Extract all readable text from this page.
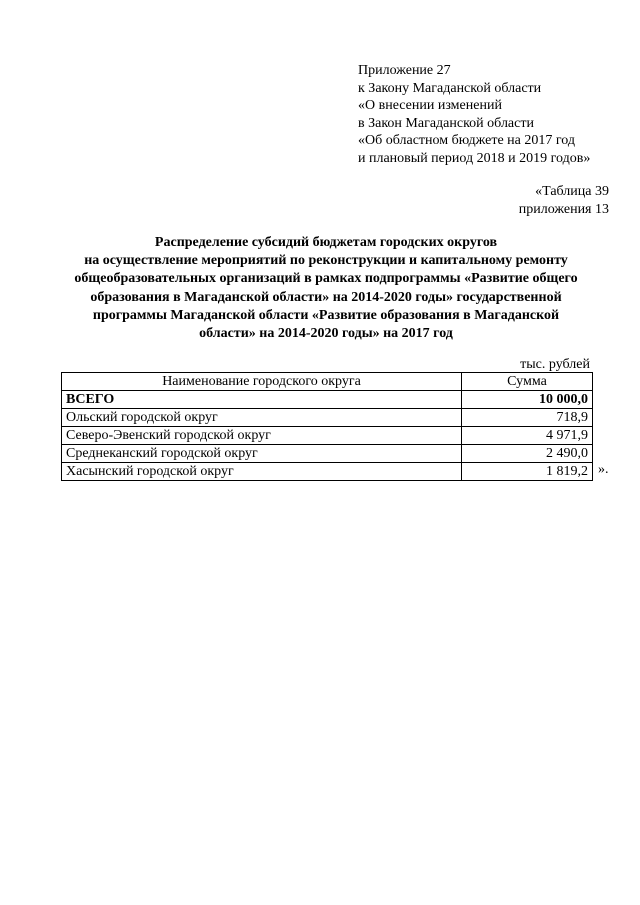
Приложение 27
к Закону Магаданской области
«О внесении изменений
в Закон Магаданской области
«Об областном бюджете на 2017 год
и плановый период 2018 и 2019 годов»
«Таблица 39
приложения 13
Распределение субсидий бюджетам городских округов
на осуществление мероприятий по реконструкции и капитальному ремонту
общеобразовательных организаций в рамках подпрограммы «Развитие общего
образования в Магаданской области» на 2014-2020 годы» государственной
программы Магаданской области «Развитие образования в Магаданской
области» на 2014-2020 годы» на 2017 год
тыс. рублей
Наименование городского округа	Сумма
ВСЕГО	10 000,0
Ольский городской округ	718,9
Северо-Эвенский городской округ	4 971,9
Среднеканский городской округ	2 490,0
Хасынский городской округ	1 819,2 ».
